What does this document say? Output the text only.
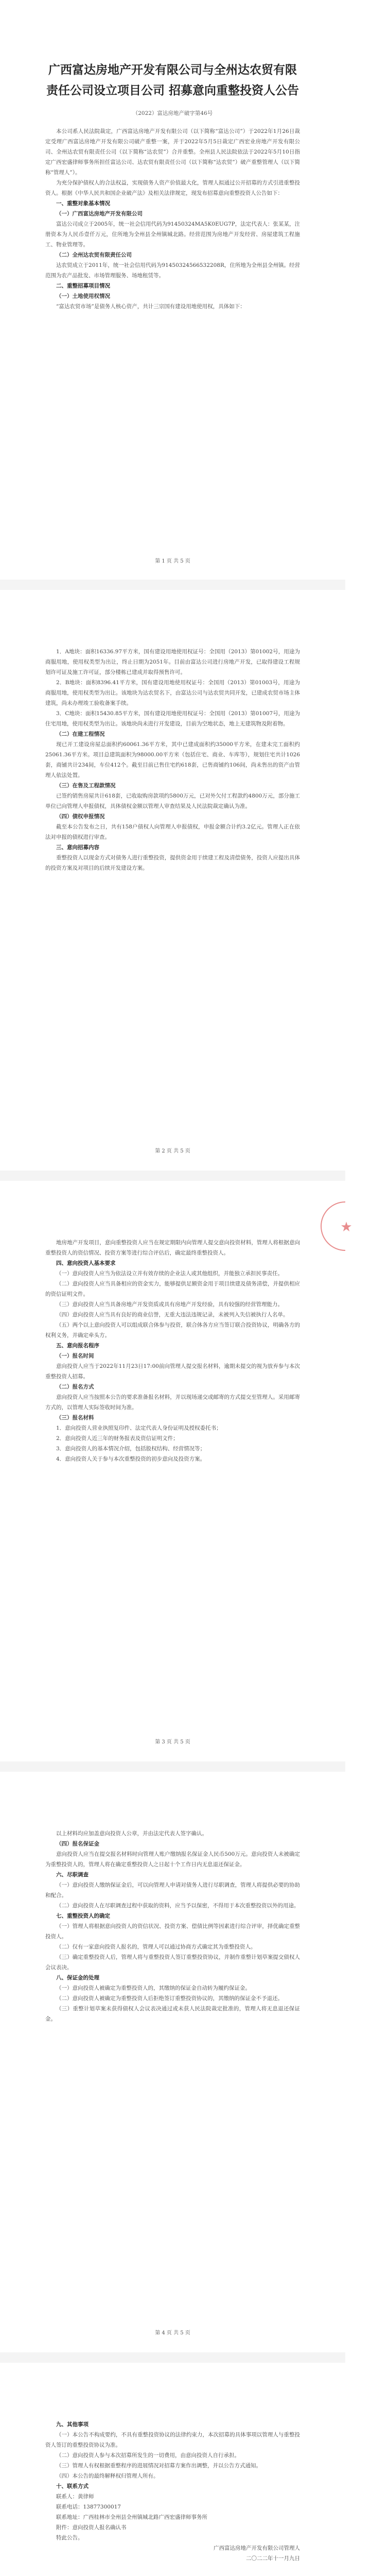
广西富达房地产开发有限公司与全州达农贸有限责任公司设立项目公司 招募意向重整投资人公告
（2022）富达房地产破字第46号

本公司系人民法院裁定，广西富达房地产开发有限公司（以下简称“富达公司”）于2022年1月26日裁定受理广西富达房地产开发有限公司破产重整一案，并于2022年5月5日裁定广西宏业房地产开发有限公司、全州达农贸有限责任公司（以下简称“达农贸”）合并重整。全州县人民法院依法于2022年5月10日指定广西宏盛律师事务所担任富达公司、达农贸有限责任公司（以下简称“达农贸”）破产重整管理人（以下简称“管理人”）。

为充分保护债权人的合法权益，实现债务人资产价值最大化，管理人拟通过公开招募的方式引进重整投资人。根据《中华人民共和国企业破产法》及相关法律规定，现发布招募意向重整投资人公告如下：

一、重整对象基本情况

（一）广西富达房地产开发有限公司

富达公司成立于2005年，统一社会信用代码为91450324MA5K0EUG7P，法定代表人：张某某，注册资本为人民币壹仟万元，住所地为全州县全州镇城北路。经营范围为房地产开发经营、房屋建筑工程施工、物业管理等。

（二）全州达农贸有限责任公司

达农贸成立于2011年，统一社会信用代码为91450324566532208R，住所地为全州县全州镇。经营范围为农产品批发、市场管理服务、场地租赁等。

二、重整招募项目情况

（一）土地使用权情况

“富达农贸市场”是债务人核心资产，共计三宗国有建设用地使用权，具体如下：

第 1 页 共 5 页

1．A地块：面积16336.97平方米，国有建设用地使用权证号：全国用（2013）第01002号，用途为商服用地，使用权类型为出让，终止日期为2051年。目前由富达公司进行房地产开发，已取得建设工程规划许可证及施工许可证，部分楼栋已建成并取得预售许可。

2．B地块：面积8396.41平方米，国有建设用地使用权证号：全国用（2013）第01003号，用途为商服用地，使用权类型为出让。该地块为达农贸名下，由富达公司与达农贸共同开发，已建成农贸市场主体建筑，尚未办理竣工验收备案手续。

3．C地块：面积15430.85平方米，国有建设用地使用权证号：全国用（2013）第01007号，用途为住宅用地，使用权类型为出让。该地块尚未进行开发建设，目前为空地状态，地上无建筑物及附着物。

（二）在建工程情况

现已开工建设房屋总面积约60061.36平方米，其中已建成面积约35000平方米，在建未完工面积约25061.36平方米。项目总建筑面积为98000.00平方米（包括住宅、商业、车库等），规划住宅共计1026套，商铺共计234间，车位412个。截至目前已售住宅约618套，已售商铺约106间，尚未售出的资产由管理人依法处置。

（三）在售及工程款情况

已签约销售房屋共计618套，已收取购房款项约5800万元，已对外欠付工程款约4800万元，部分施工单位已向管理人申报债权，具体债权金额以管理人审查结果及人民法院裁定确认为准。

（四）债权申报情况

截至本公告发布之日，共有158户债权人向管理人申报债权，申报金额合计约3.2亿元。管理人正在依法对申报的债权进行审查。

三、意向招募内容

重整投资人以现金方式对债务人进行重整投资，提供资金用于续建工程及清偿债务，投资人应提出具体的投资方案及对项目的后续开发建设方案。

第 2 页 共 5 页

地房地产开发项目，意向重整投资人应当在规定期限内向管理人提交意向投资材料，管理人将根据意向重整投资人的资信情况、投资方案等进行综合评估后，确定最终重整投资人。

四、意向投资人基本要求

（一）意向投资人应当为依法设立并有效存续的企业法人或其他组织，并能独立承担民事责任。

（二）意向投资人应当具备相应的资金实力，能够提供足额资金用于项目续建及债务清偿，并提供相应的资信证明文件。

（三）意向投资人应当具备房地产开发资质或具有房地产开发经验，具有较强的经营管理能力。

（四）意向投资人应当具有良好的商业信誉，无重大违法违规记录，未被列入失信被执行人名单。

（五）两个以上意向投资人可以组成联合体参与投资，联合体各方应当签订联合投资协议，明确各方的权利义务，并确定牵头方。

五、意向报名程序

（一）报名时间

意向投资人应当于2022年11月23日17:00前向管理人提交报名材料，逾期未提交的视为放弃参与本次重整投资人招募。

（二）报名方式

意向投资人应当按照本公告的要求准备报名材料，并以现场递交或邮寄的方式提交至管理人。采用邮寄方式的，以管理人实际签收时间为准。

（三）报名材料

1．意向投资人营业执照复印件、法定代表人身份证明及授权委托书；

2．意向投资人近三年的财务报表及资信证明文件；

3．意向投资人的基本情况介绍，包括股权结构、经营情况等；

4．意向投资人关于参与本次重整投资的初步意向及投资方案。

★
第 3 页 共 5 页

以上材料均应加盖意向投资人公章，并由法定代表人签字确认。

（四）报名保证金

意向投资人应当在提交报名材料时向管理人账户缴纳报名保证金人民币500万元。意向投资人未被确定为重整投资人的，管理人将在确定重整投资人之日起十个工作日内无息退还保证金。

六、尽职调查

（一）意向投资人缴纳保证金后，可以向管理人申请对债务人进行尽职调查，管理人将提供必要的协助和配合。

（二）意向投资人在尽职调查过程中获取的资料，应当予以保密，不得用于本次重整投资以外的用途。

七、重整投资人的确定

（一）管理人将根据意向投资人的资信状况、投资方案、偿债比例等因素进行综合评审，择优确定重整投资人。

（二）仅有一家意向投资人报名的，管理人可以通过协商方式确定其为重整投资人。

（三）确定重整投资人后，管理人将与重整投资人签订重整投资协议，并制作重整计划草案提交债权人会议表决。

八、保证金的处理

（一）意向投资人被确定为重整投资人的，其缴纳的保证金自动转为履约保证金。

（二）意向投资人被确定为重整投资人后拒绝签订重整投资协议的，其缴纳的保证金不予退还。

（三）重整计划草案未获得债权人会议表决通过或未获人民法院裁定批准的，管理人将无息退还保证金。

第 4 页 共 5 页

九、其他事项

（一）本公告不构成要约，不具有重整投资协议的法律约束力，本次招募的具体事项以管理人与重整投资人签订的重整投资协议为准。

（二）意向投资人参与本次招募所发生的一切费用，由意向投资人自行承担。

（三）管理人有权根据重整程序的进展情况对招募方案作出调整，并以公告方式通知。

（四）本公告的最终解释权归管理人所有。

十、联系方式

联系人：黄律师

联系电话：13877300017

联系地址：广西桂林市全州县全州镇城北路广西宏盛律师事务所

附件：意向投资人报名确认书

特此公告。

广西富达房地产开发有限公司管理人

二〇二二年十一月九日
